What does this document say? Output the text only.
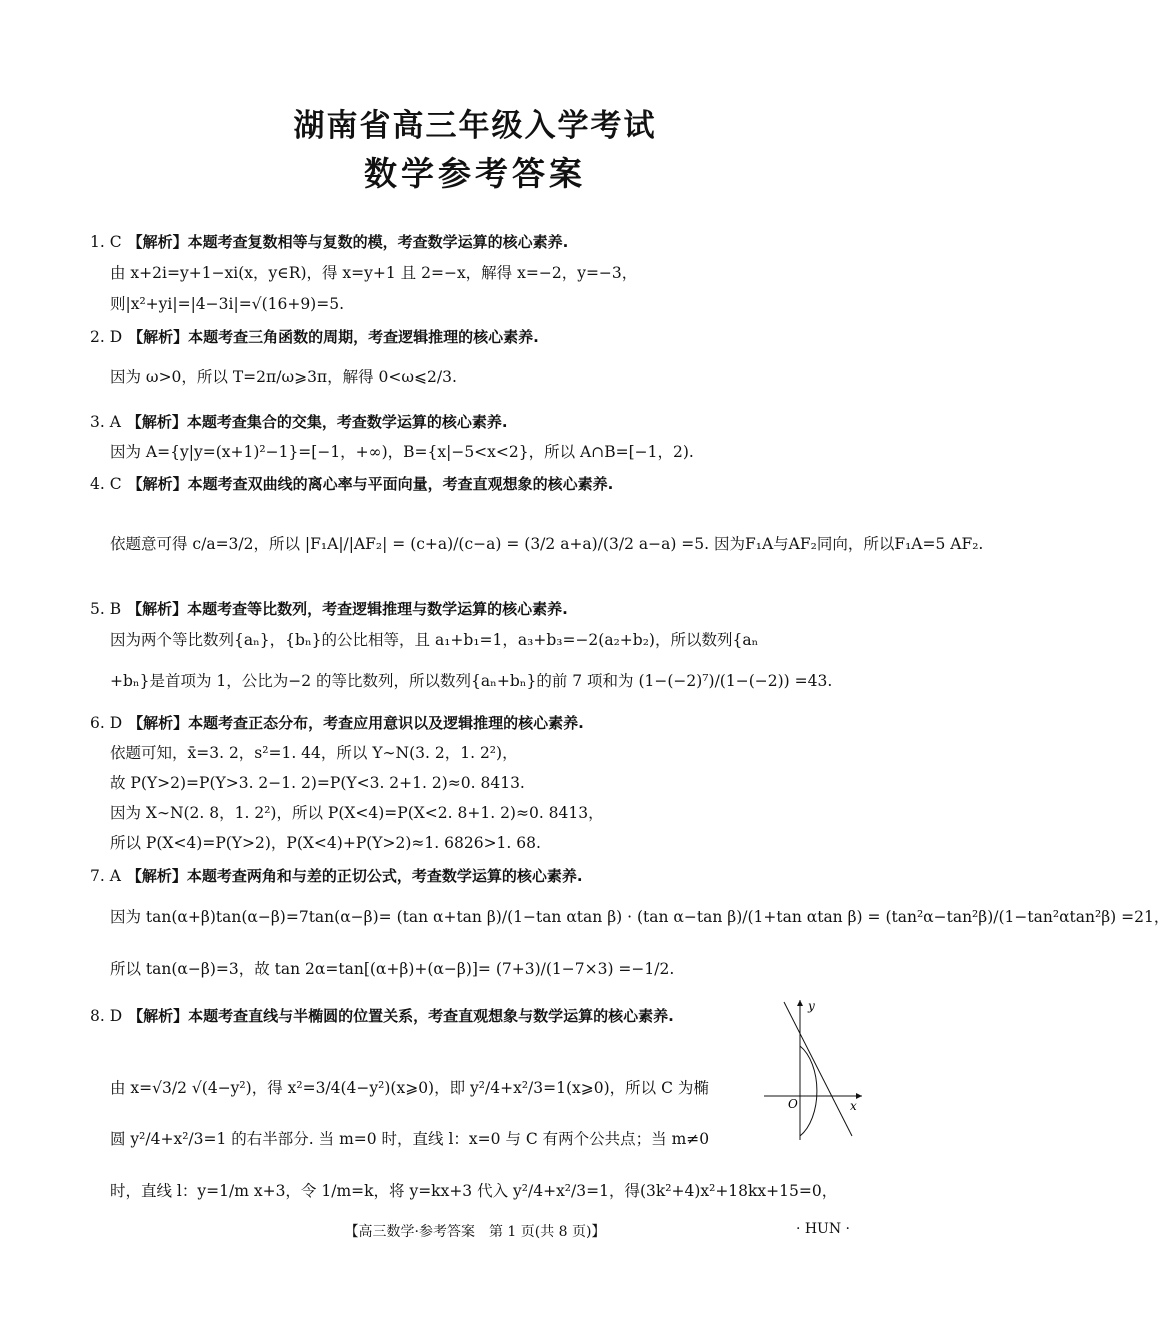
湖南省高三年级入学考试
数学参考答案
1. C 【解析】本题考查复数相等与复数的模，考查数学运算的核心素养.
由 x+2i=y+1−xi(x，y∈R)，得 x=y+1 且 2=−x，解得 x=−2，y=−3，
则|x²+yi|=|4−3i|=√(16+9)=5.
2. D 【解析】本题考查三角函数的周期，考查逻辑推理的核心素养.
因为 ω>0，所以 T=2π/ω⩾3π，解得 0<ω⩽2/3.
3. A 【解析】本题考查集合的交集，考查数学运算的核心素养.
因为 A={y|y=(x+1)²−1}=[−1，+∞)，B={x|−5<x<2}，所以 A∩B=[−1，2).
4. C 【解析】本题考查双曲线的离心率与平面向量，考查直观想象的核心素养.
依题意可得 c/a=3/2，所以 |F₁A|/|AF₂| = (c+a)/(c−a) = (3/2 a+a)/(3/2 a−a) =5. 因为F₁A与AF₂同向，所以F₁A=5 AF₂.
5. B 【解析】本题考查等比数列，考查逻辑推理与数学运算的核心素养.
因为两个等比数列{aₙ}，{bₙ}的公比相等，且 a₁+b₁=1，a₃+b₃=−2(a₂+b₂)，所以数列{aₙ
+bₙ}是首项为 1，公比为−2 的等比数列，所以数列{aₙ+bₙ}的前 7 项和为 (1−(−2)⁷)/(1−(−2)) =43.
6. D 【解析】本题考查正态分布，考查应用意识以及逻辑推理的核心素养.
依题可知，x̄=3. 2，s²=1. 44，所以 Y∼N(3. 2，1. 2²)，
故 P(Y>2)=P(Y>3. 2−1. 2)=P(Y<3. 2+1. 2)≈0. 8413.
因为 X∼N(2. 8，1. 2²)，所以 P(X<4)=P(X<2. 8+1. 2)≈0. 8413，
所以 P(X<4)=P(Y>2)，P(X<4)+P(Y>2)≈1. 6826>1. 68.
7. A 【解析】本题考查两角和与差的正切公式，考查数学运算的核心素养.
因为 tan(α+β)tan(α−β)=7tan(α−β)= (tan α+tan β)/(1−tan αtan β) · (tan α−tan β)/(1+tan αtan β) = (tan²α−tan²β)/(1−tan²αtan²β) =21，
所以 tan(α−β)=3，故 tan 2α=tan[(α+β)+(α−β)]= (7+3)/(1−7×3) =−1/2.
8. D 【解析】本题考查直线与半椭圆的位置关系，考查直观想象与数学运算的核心素养.
由 x=√3/2 √(4−y²)，得 x²=3/4(4−y²)(x⩾0)，即 y²/4+x²/3=1(x⩾0)，所以 C 为椭
圆 y²/4+x²/3=1 的右半部分. 当 m=0 时，直线 l：x=0 与 C 有两个公共点；当 m≠0
时，直线 l：y=1/m x+3，令 1/m=k，将 y=kx+3 代入 y²/4+x²/3=1，得(3k²+4)x²+18kx+15=0，
y
x
O
【高三数学·参考答案　第 1 页(共 8 页)】	· HUN ·
